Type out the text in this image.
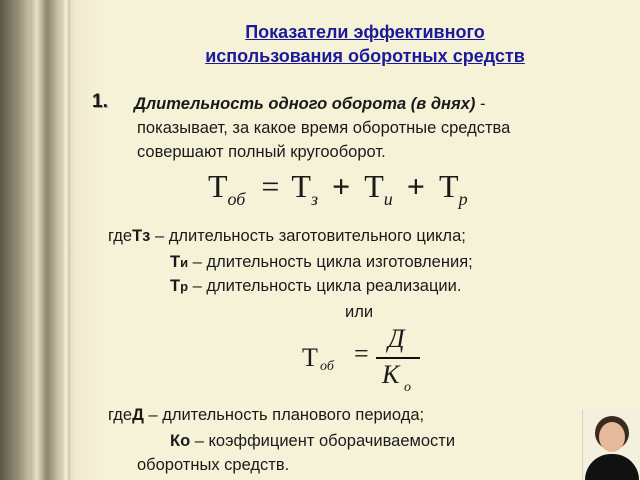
Показатели эффективного
использования оборотных средств
1. Длительность одного оборота (в днях) -
показывает, за какое время оборотные средства
совершают полный кругооборот.
Тоб = Тз + Ти + Тр
гдеТз – длительность заготовительного цикла;
Ти – длительность цикла изготовления;
Тр – длительность цикла реализации.
или
Т об =
Д
К о
гдеД – длительность планового периода;
Ко – коэффициент оборачиваемости
оборотных средств.
